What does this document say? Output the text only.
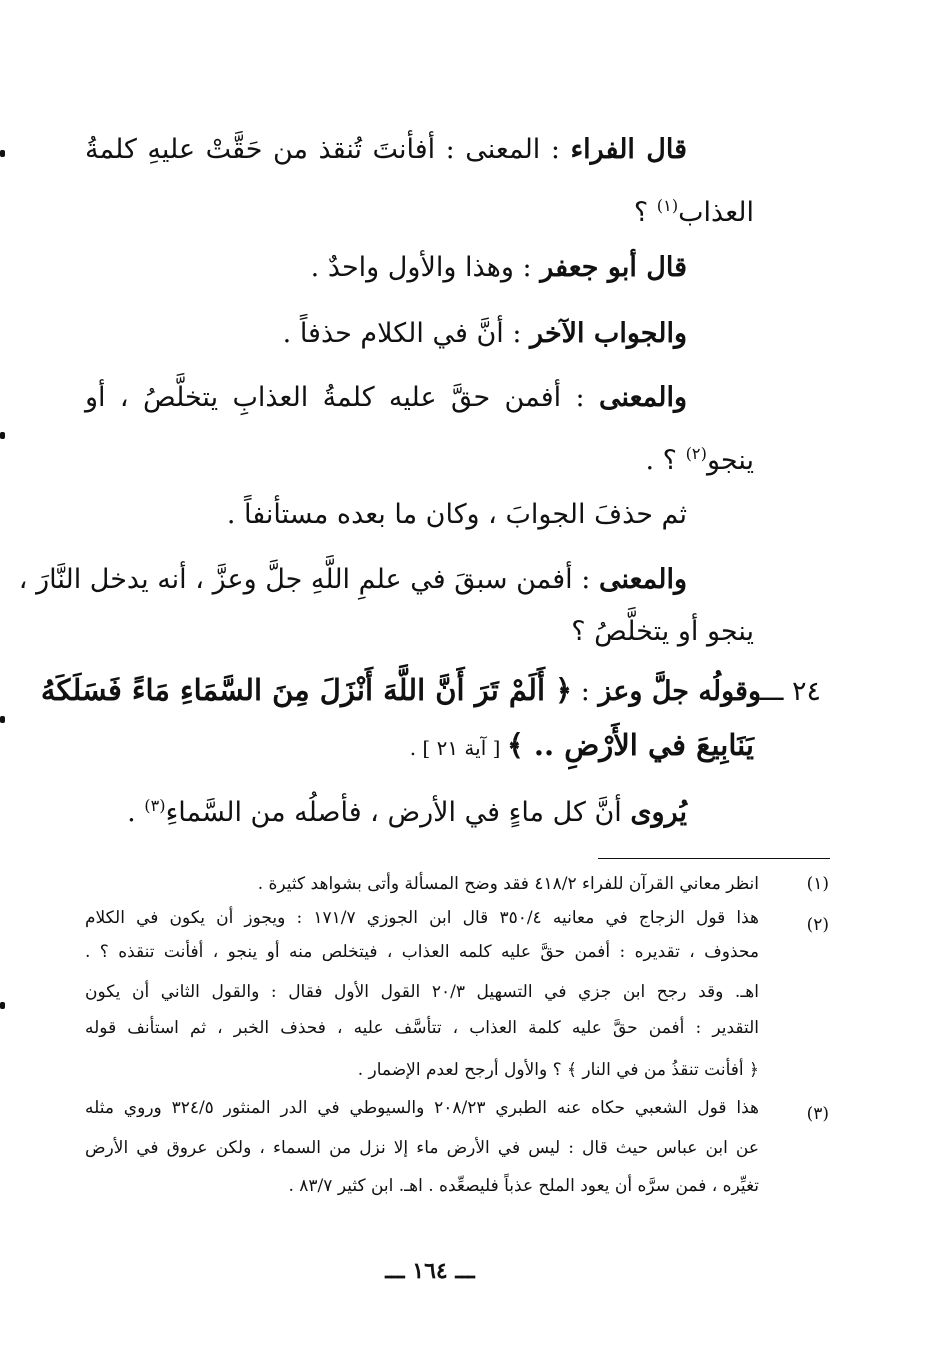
قال الفراء : المعنى : أفأنتَ تُنقذ من حَقَّتْ عليهِ كلمةُ
العذاب$^{(١)}$ ؟
قال أبو جعفر : وهذا والأول واحدٌ .
والجواب الآخر : أنَّ في الكلام حذفاً .
والمعنى : أفمن حقَّ عليه كلمةُ العذابِ يتخلَّصُ ، أو
ينجو$^{(٢)}$ ؟ .
ثم حذفَ الجوابَ ، وكان ما بعده مستأنفاً .
والمعنى : أفمن سبقَ في علمِ اللَّهِ جلَّ وعزَّ ، أنه يدخل النَّارَ ،
ينجو أو يتخلَّصُ ؟
٢٤ ـــوقولُه جلَّ وعز : ﴿ أَلَمْ تَرَ أَنَّ اللَّهَ أَنْزَلَ مِنَ السَّمَاءِ مَاءً فَسَلَكَهُ
يَنَابِيعَ في الأَرْضِ .. ﴾ [ آية ٢١ ] .
يُروى أنَّ كل ماءٍ في الأرض ، فأصلُه من السَّماءِ$^{(٣)}$ .
(١)
انظر معاني القرآن للفراء ٤١٨/٢ فقد وضح المسألة وأتى بشواهد كثيرة .
(٢)
هذا قول الزجاج في معانيه ٣٥٠/٤ قال ابن الجوزي ١٧١/٧ : ويجوز أن يكون في الكلام
محذوف ، تقديره : أفمن حقَّ عليه كلمه العذاب ، فيتخلص منه أو ينجو ، أفأنت تنقذه ؟ .
اهـ. وقد رجح ابن جزي في التسهيل ٢٠/٣ القول الأول فقال : والقول الثاني أن يكون
التقدير : أفمن حقَّ عليه كلمة العذاب ، تتأسَّف عليه ، فحذف الخبر ، ثم استأنف قوله
﴿ أفأنت تنقذُ من في النار ﴾ ؟ والأول أرجح لعدم الإضمار .
(٣)
هذا قول الشعبي حكاه عنه الطبري ٢٠٨/٢٣ والسيوطي في الدر المنثور ٣٢٤/٥ وروي مثله
عن ابن عباس حيث قال : ليس في الأرض ماء إلا نزل من السماء ، ولكن عروق في الأرض
تغيِّره ، فمن سرَّه أن يعود الملح عذباً فليصعِّده . اهـ. ابن كثير ٨٣/٧ .
ـــ ١٦٤ ـــ
